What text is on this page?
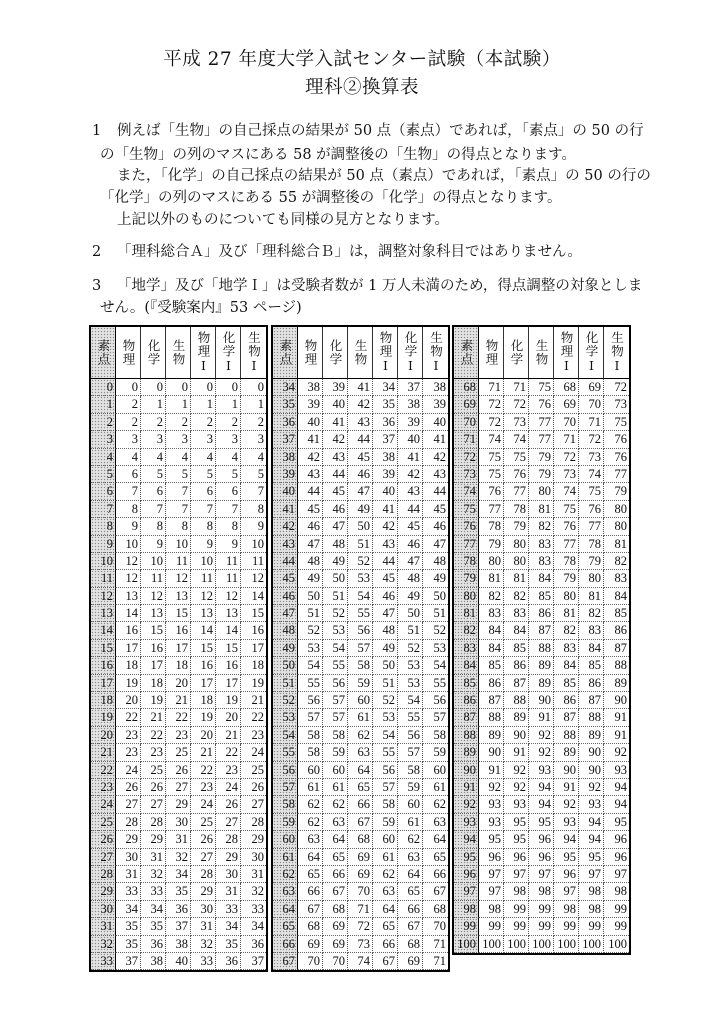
平成 27 年度大学入試センター試験（本試験）
理科②換算表
1 例えば「生物」の自己採点の結果が 50 点（素点）であれば，「素点」の 50 の行
の「生物」の列のマスにある 58 が調整後の「生物」の得点となります。
また，「化学」の自己採点の結果が 50 点（素点）であれば，「素点」の 50 の行の
「化学」の列のマスにある 55 が調整後の「化学」の得点となります。
上記以外のものについても同様の見方となります。
2 「理科総合Ａ」及び「理科総合Ｂ」は，調整対象科目ではありません。
3 「地学」及び「地学Ｉ」は受験者数が 1 万人未満のため，得点調整の対象としま
せん。(『受験案内』53 ページ)
素点 物理 化学 生物 物理Ⅰ 化学Ⅰ 生物Ⅰ
0	0	0	0	0	0	0
1	2	1	1	1	1	1
2	2	2	2	2	2	2
3	3	3	3	3	3	3
4	4	4	4	4	4	4
5	6	5	5	5	5	5
6	7	6	7	6	6	7
7	8	7	7	7	7	8
8	9	8	8	8	8	9
9	10	9	10	9	9	10
10	12	10	11	10	11	11
11	12	11	12	11	11	12
12	13	12	13	12	12	14
13	14	13	15	13	13	15
14	16	15	16	14	14	16
15	17	16	17	15	15	17
16	18	17	18	16	16	18
17	19	18	20	17	17	19
18	20	19	21	18	19	21
19	22	21	22	19	20	22
20	23	22	23	20	21	23
21	23	23	25	21	22	24
22	24	25	26	22	23	25
23	26	26	27	23	24	26
24	27	27	29	24	26	27
25	28	28	30	25	27	28
26	29	29	31	26	28	29
27	30	31	32	27	29	30
28	31	32	34	28	30	31
29	33	33	35	29	31	32
30	34	34	36	30	33	33
31	35	35	37	31	34	34
32	35	36	38	32	35	36
33	37	38	40	33	36	37
素点 物理 化学 生物 物理Ⅰ 化学Ⅰ 生物Ⅰ
34	38	39	41	34	37	38
35	39	40	42	35	38	39
36	40	41	43	36	39	40
37	41	42	44	37	40	41
38	42	43	45	38	41	42
39	43	44	46	39	42	43
40	44	45	47	40	43	44
41	45	46	49	41	44	45
42	46	47	50	42	45	46
43	47	48	51	43	46	47
44	48	49	52	44	47	48
45	49	50	53	45	48	49
46	50	51	54	46	49	50
47	51	52	55	47	50	51
48	52	53	56	48	51	52
49	53	54	57	49	52	53
50	54	55	58	50	53	54
51	55	56	59	51	53	55
52	56	57	60	52	54	56
53	57	57	61	53	55	57
54	58	58	62	54	56	58
55	58	59	63	55	57	59
56	60	60	64	56	58	60
57	61	61	65	57	59	61
58	62	62	66	58	60	62
59	62	63	67	59	61	63
60	63	64	68	60	62	64
61	64	65	69	61	63	65
62	65	66	69	62	64	66
63	66	67	70	63	65	67
64	67	68	71	64	66	68
65	68	69	72	65	67	70
66	69	69	73	66	68	71
67	70	70	74	67	69	71
素点 物理 化学 生物 物理Ⅰ 化学Ⅰ 生物Ⅰ
68	71	71	75	68	69	72
69	72	72	76	69	70	73
70	72	73	77	70	71	75
71	74	74	77	71	72	76
72	75	75	79	72	73	76
73	75	76	79	73	74	77
74	76	77	80	74	75	79
75	77	78	81	75	76	80
76	78	79	82	76	77	80
77	79	80	83	77	78	81
78	80	80	83	78	79	82
79	81	81	84	79	80	83
80	82	82	85	80	81	84
81	83	83	86	81	82	85
82	84	84	87	82	83	86
83	84	85	88	83	84	87
84	85	86	89	84	85	88
85	86	87	89	85	86	89
86	87	88	90	86	87	90
87	88	89	91	87	88	91
88	89	90	92	88	89	91
89	90	91	92	89	90	92
90	91	92	93	90	90	93
91	92	92	94	91	92	94
92	93	93	94	92	93	94
93	93	95	95	93	94	95
94	95	95	96	94	94	96
95	96	96	96	95	95	96
96	97	97	97	96	97	97
97	97	98	98	97	98	98
98	98	99	99	98	98	99
99	99	99	99	99	99	99
100 100 100 100 100 100 100
